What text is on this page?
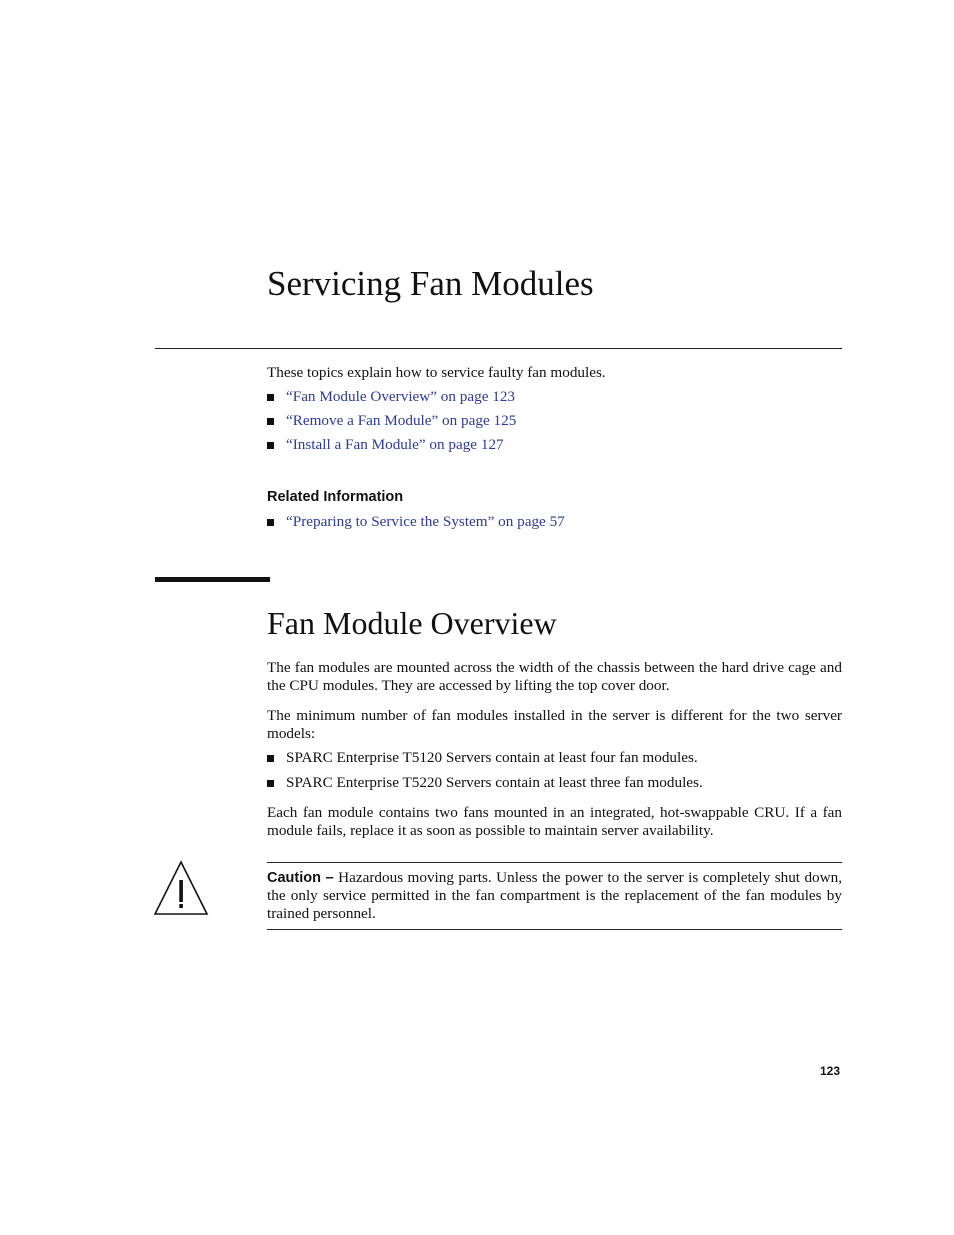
Servicing Fan Modules

These topics explain how to service faulty fan modules.

“Fan Module Overview” on page 123
“Remove a Fan Module” on page 125
“Install a Fan Module” on page 127
Related Information
“Preparing to Service the System” on page 57
Fan Module Overview

The fan modules are mounted across the width of the chassis between the hard drive cage and the CPU modules. They are accessed by lifting the top cover door.

The minimum number of fan modules installed in the server is different for the two server models:

SPARC Enterprise T5120 Servers contain at least four fan modules.
SPARC Enterprise T5220 Servers contain at least three fan modules.

Each fan module contains two fans mounted in an integrated, hot-swappable CRU. If a fan module fails, replace it as soon as possible to maintain server availability.

Caution – Hazardous moving parts. Unless the power to the server is completely shut down, the only service permitted in the fan compartment is the replacement of the fan modules by trained personnel.
123
